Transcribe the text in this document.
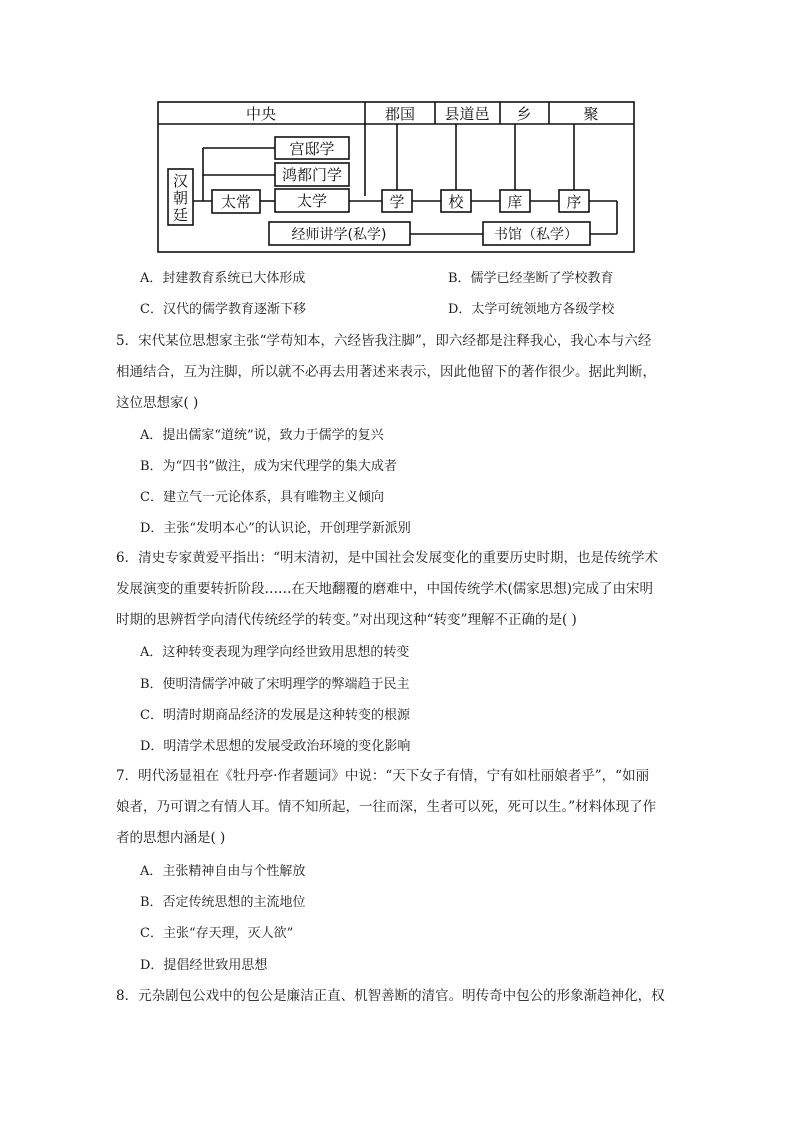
中央	郡国 县道邑 乡	聚
汉
朝
廷
太常
宫邸学
鸿都门学
太学
经师讲学(私学)
学	校	庠	序
书馆（私学）
A．封建教育系统已大体形成	B．儒学已经垄断了学校教育
C．汉代的儒学教育逐渐下移	D．太学可统领地方各级学校
5．宋代某位思想家主张“学苟知本，六经皆我注脚”，即六经都是注释我心，我心本与六经
相通结合，互为注脚，所以就不必再去用著述来表示，因此他留下的著作很少。据此判断，
这位思想家( )
A．提出儒家“道统”说，致力于儒学的复兴
B．为“四书”做注，成为宋代理学的集大成者
C．建立气一元论体系，具有唯物主义倾向
D．主张“发明本心”的认识论，开创理学新派别
6．清史专家黄爱平指出：“明末清初，是中国社会发展变化的重要历史时期，也是传统学术
发展演变的重要转折阶段……在天地翻覆的磨难中，中国传统学术(儒家思想)完成了由宋明
时期的思辨哲学向清代传统经学的转变。”对出现这种“转变”理解不正确的是( )
A．这种转变表现为理学向经世致用思想的转变
B．使明清儒学冲破了宋明理学的弊端趋于民主
C．明清时期商品经济的发展是这种转变的根源
D．明清学术思想的发展受政治环境的变化影响
7．明代汤显祖在《牡丹亭·作者题词》中说：“天下女子有情，宁有如杜丽娘者乎”，“如丽
娘者，乃可谓之有情人耳。情不知所起，一往而深，生者可以死，死可以生。”材料体现了作
者的思想内涵是( )
A．主张精神自由与个性解放
B．否定传统思想的主流地位
C．主张“存天理，灭人欲”
D．提倡经世致用思想
8．元杂剧包公戏中的包公是廉洁正直、机智善断的清官。明传奇中包公的形象渐趋神化，权
